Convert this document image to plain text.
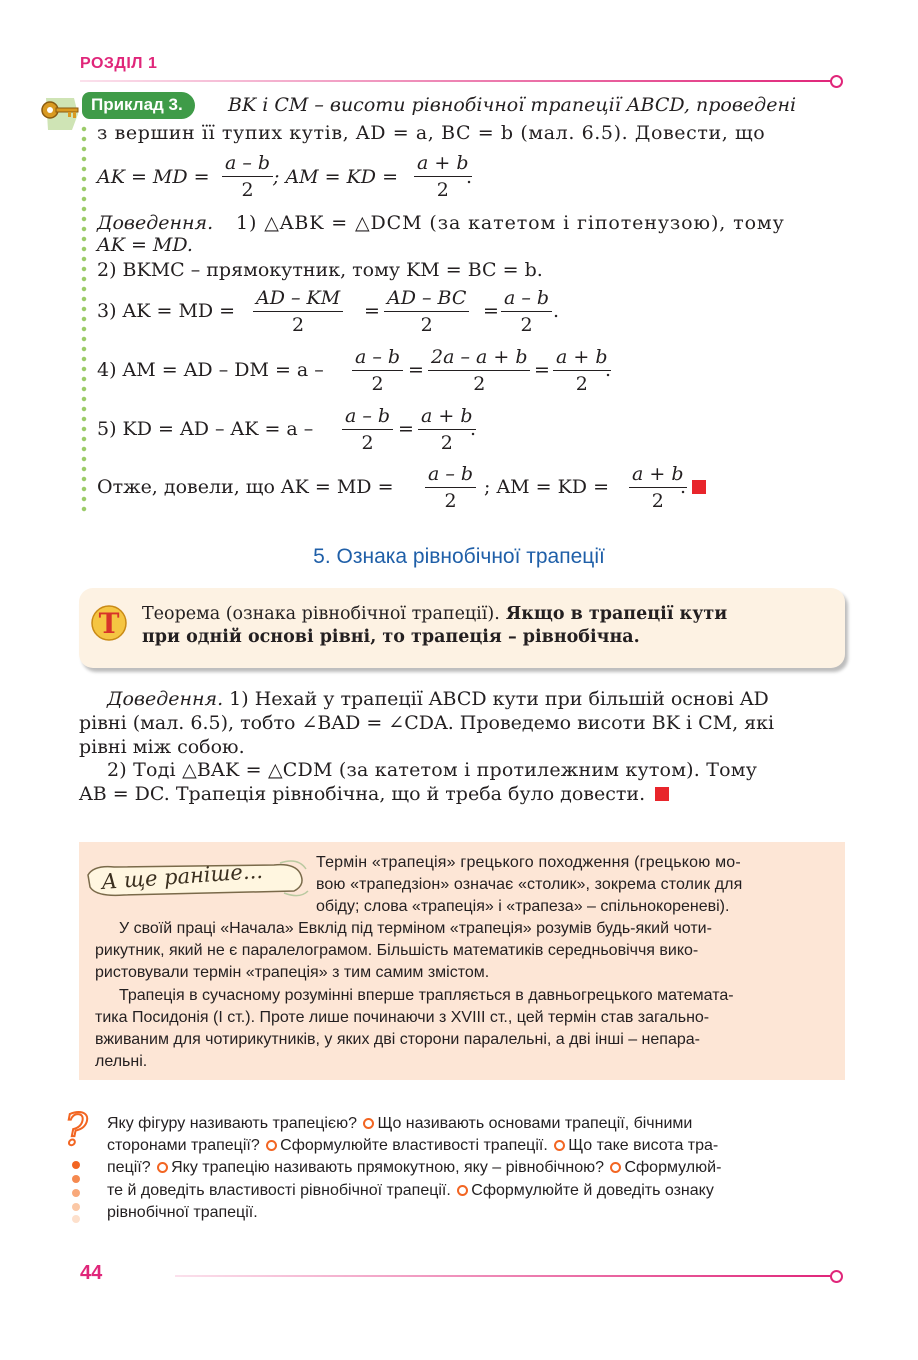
РОЗДІЛ 1
Приклад 3.	BK і CM – висоти рівнобічної трапеції ABCD, проведені
з вершин її тупих кутів, AD = a, BC = b (мал. 6.5). Довести, що
AK = MD = $\frac{a - b}{2}$ ; AM = KD = $\frac{a + b}{2}$
.
Доведення. 1) △ABK = △DCM (за катетом і гіпотенузою), тому
AK = MD.
2) BKMC – прямокутник, тому KM = BC = b.
3) AK = MD = $\frac{AD - KM}{2} = \frac{AD - BC}{2} = \frac{a - b}{2}$ .
4) AM = AD – DM = $a - \frac{a - b}{2} = \frac{2a - a + b}{2} = \frac{a + b}{2}$
.
5) KD = AD – AK = $a - \frac{a - b}{2} = \frac{a + b}{2}$
.
Отже, довели, що AK = MD = $\frac{a - b}{2}$ ; AM = KD = $\frac{a + b}{2}$
.
5. Ознака рівнобічної трапеції
T Теорема (ознака рівнобічної трапеції). Якщо в трапеції кути
при одній основі рівні, то трапеція – рівнобічна.
Доведення. 1) Нехай у трапеції ABCD кути при більшій основі AD
рівні (мал. 6.5), тобто ∠BAD = ∠CDA. Проведемо висоти BK і CM, які
рівні між собою.
2) Тоді △BAK = △CDM (за катетом і протилежним кутом). Тому
AB = DC. Трапеція рівнобічна, що й треба було довести.
А ще раніше...	Термін «трапеція» грецького походження (грецькою мо-
вою «трапедзіон» означає «столик», зокрема столик для
обіду; слова «трапеція» і «трапеза» – спільнокореневі).
У своїй праці «Начала» Евклід під терміном «трапеція» розумів будь-який чоти-
рикутник, який не є паралелограмом. Більшість математиків середньовіччя вико-
ристовували термін «трапеція» з тим самим змістом.
Трапеція в сучасному розумінні вперше трапляється в давньогрецького математа-
тика Посидонія (І ст.). Проте лише починаючи з XVIII ст., цей термін став загально-
вживаним для чотирикутників, у яких дві сторони паралельні, а дві інші – непара-
лельні.
? Яку фігуру називають трапецією? Що називають основами трапеції, бічними
сторонами трапеції? Сформулюйте властивості трапеції. Що таке висота тра-
пеції? Яку трапецію називають прямокутною, яку – рівнобічною? Сформулюй-
те й доведіть властивості рівнобічної трапеції. Сформулюйте й доведіть ознаку
рівнобічної трапеції.
44
